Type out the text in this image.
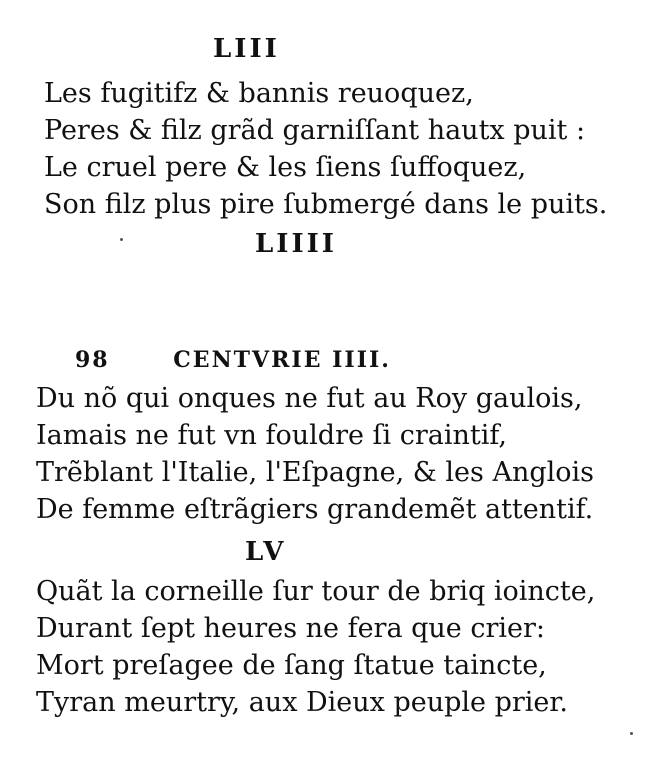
LIII
Les fugitifz & bannis reuoquez,
Peres & filz grãd garniſſant hautx puit :
Le cruel pere & les ſiens ſuffoquez,
Son filz plus pire ſubmergé dans le puits.
LIIII
98	CENTVRIE IIII.
Du nõ qui onques ne fut au Roy gaulois,
Iamais ne fut vn fouldre ſi craintif,
Trẽblant l'Italie, l'Eſpagne, & les Anglois
De femme eſtrãgiers grandemẽt attentif.
LV
Quãt la corneille ſur tour de briq ioincte,
Durant ſept heures ne fera que crier:
Mort preſagee de ſang ſtatue taincte,
Tyran meurtry, aux Dieux peuple prier.
